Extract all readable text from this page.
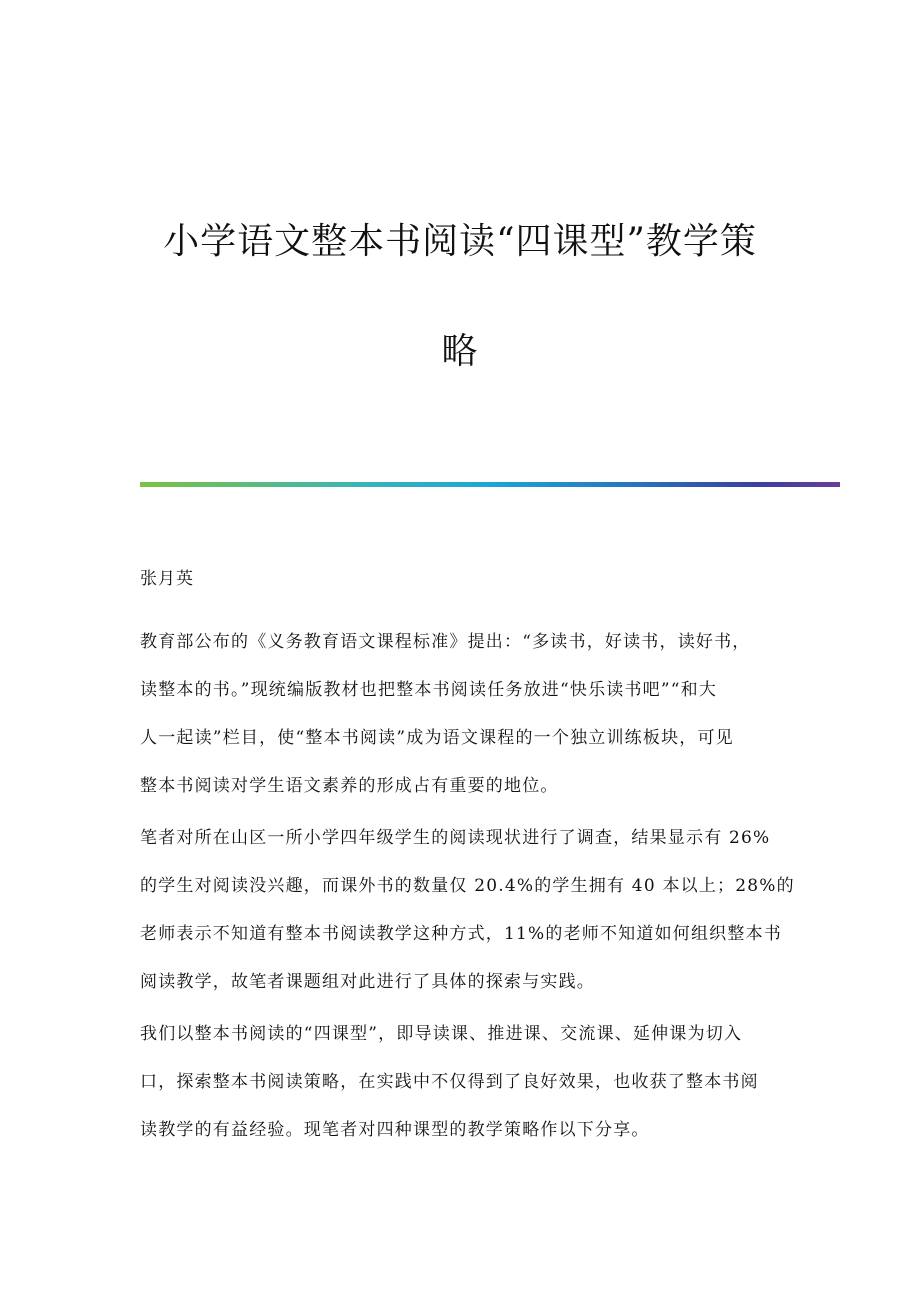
小学语文整本书阅读“四课型”教学策
略

张月英

教育部公布的《义务教育语文课程标准》提出：“多读书，好读书，读好书，
读整本的书。”现统编版教材也把整本书阅读任务放进“快乐读书吧”“和大
人一起读”栏目，使“整本书阅读”成为语文课程的一个独立训练板块，可见
整本书阅读对学生语文素养的形成占有重要的地位。

笔者对所在山区一所小学四年级学生的阅读现状进行了调查，结果显示有 26%
的学生对阅读没兴趣，而课外书的数量仅 20.4%的学生拥有 40 本以上；28%的
老师表示不知道有整本书阅读教学这种方式，11%的老师不知道如何组织整本书
阅读教学，故笔者课题组对此进行了具体的探索与实践。

我们以整本书阅读的“四课型”，即导读课、推进课、交流课、延伸课为切入
口，探索整本书阅读策略，在实践中不仅得到了良好效果，也收获了整本书阅
读教学的有益经验。现笔者对四种课型的教学策略作以下分享。
